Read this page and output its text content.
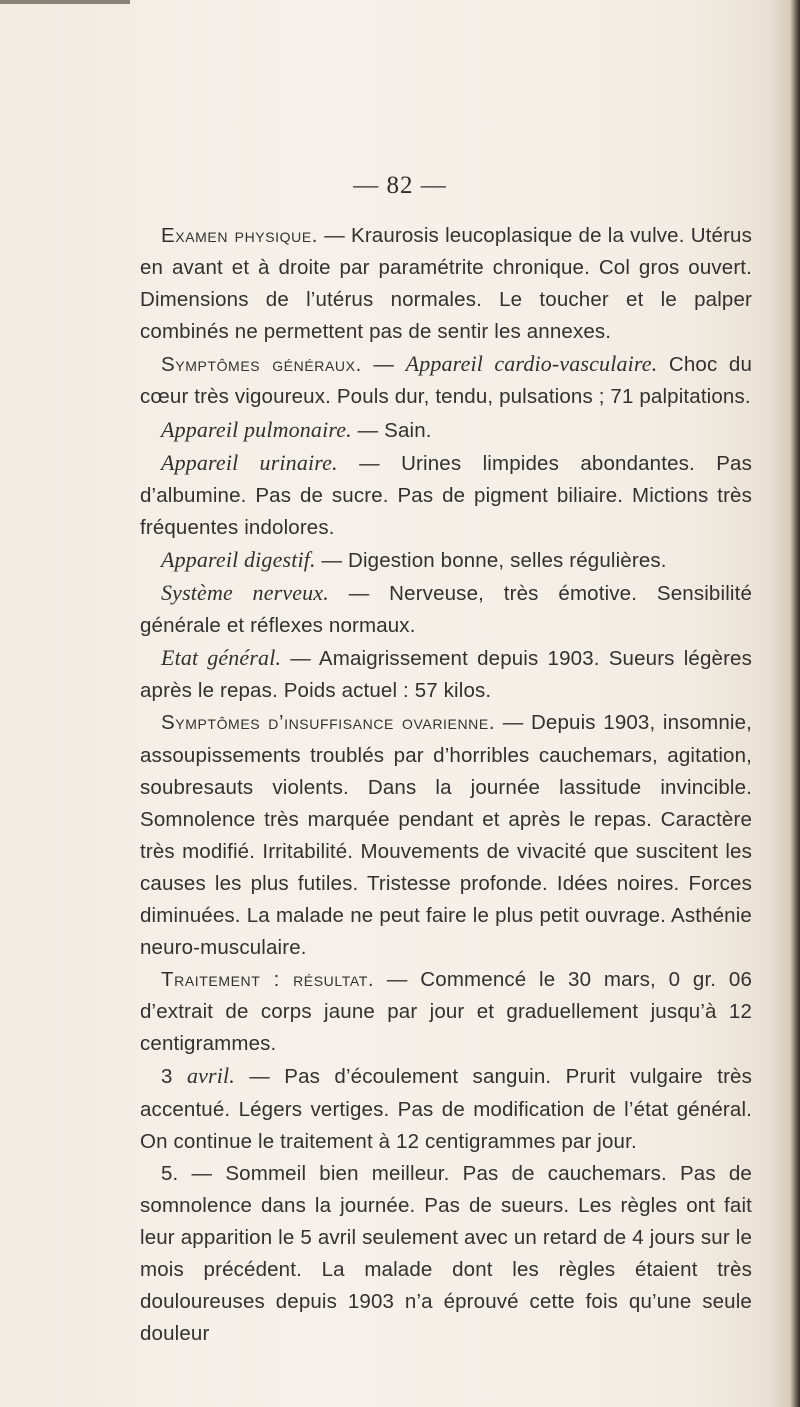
— 82 —

Examen physique. — Kraurosis leucoplasique de la vulve. Utérus en avant et à droite par paramétrite chronique. Col gros ouvert. Dimensions de l’utérus normales. Le toucher et le palper combinés ne permettent pas de sentir les annexes.

Symptômes généraux. — Appareil cardio-vasculaire. Choc du cœur très vigoureux. Pouls dur, tendu, pulsations ; 71 palpitations.

Appareil pulmonaire. — Sain.

Appareil urinaire. — Urines limpides abondantes. Pas d’albumine. Pas de sucre. Pas de pigment biliaire. Mictions très fréquentes indolores.

Appareil digestif. — Digestion bonne, selles régulières.

Système nerveux. — Nerveuse, très émotive. Sensibilité générale et réflexes normaux.

Etat général. — Amaigrissement depuis 1903. Sueurs légères après le repas. Poids actuel : 57 kilos.

Symptômes d’insuffisance ovarienne. — Depuis 1903, insomnie, assoupissements troublés par d’horribles cauchemars, agitation, soubresauts violents. Dans la journée lassitude invincible. Somnolence très marquée pendant et après le repas. Caractère très modifié. Irritabilité. Mouvements de vivacité que suscitent les causes les plus futiles. Tristesse profonde. Idées noires. Forces diminuées. La malade ne peut faire le plus petit ouvrage. Asthénie neuro-musculaire.

Traitement : résultat. — Commencé le 30 mars, 0 gr. 06 d’extrait de corps jaune par jour et graduellement jusqu’à 12 centigrammes.

3 avril. — Pas d’écoulement sanguin. Prurit vulgaire très accentué. Légers vertiges. Pas de modification de l’état général. On continue le traitement à 12 centigrammes par jour.

5. — Sommeil bien meilleur. Pas de cauchemars. Pas de somnolence dans la journée. Pas de sueurs. Les règles ont fait leur apparition le 5 avril seulement avec un retard de 4 jours sur le mois précédent. La malade dont les règles étaient très douloureuses depuis 1903 n’a éprouvé cette fois qu’une seule douleur
